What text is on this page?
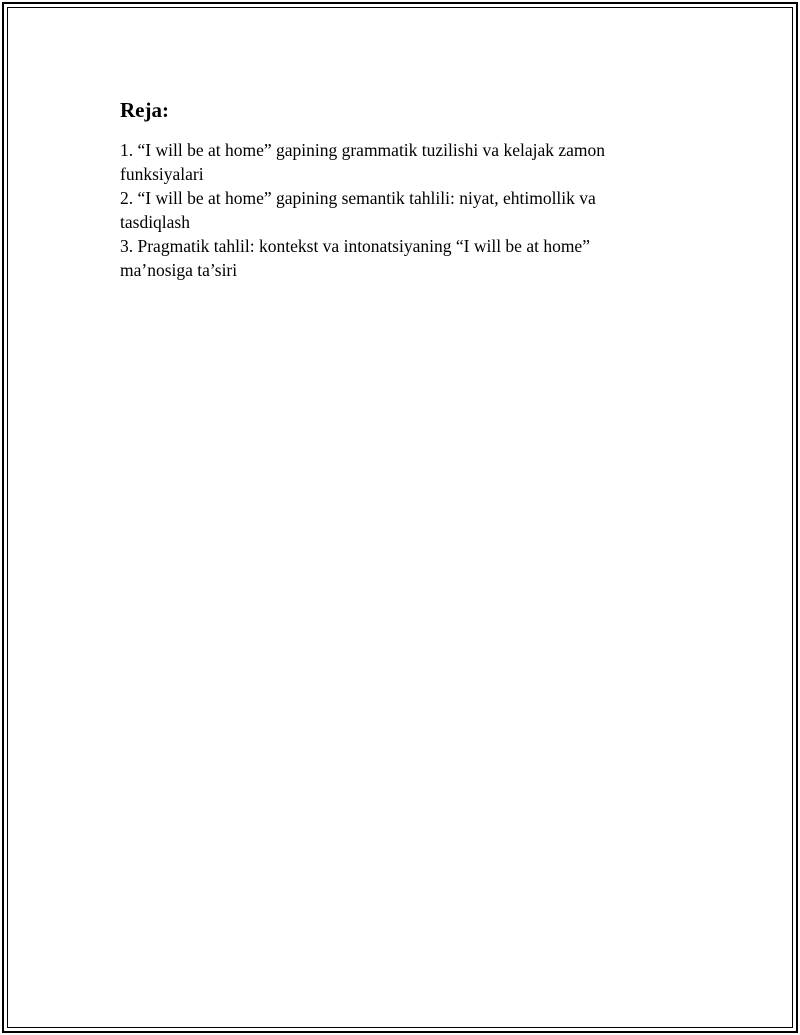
Reja:
1. “I will be at home” gapining grammatik tuzilishi va kelajak zamon funksiyalari
2. “I will be at home” gapining semantik tahlili: niyat, ehtimollik va tasdiqlash
3. Pragmatik tahlil: kontekst va intonatsiyaning “I will be at home” ma’nosiga ta’siri
